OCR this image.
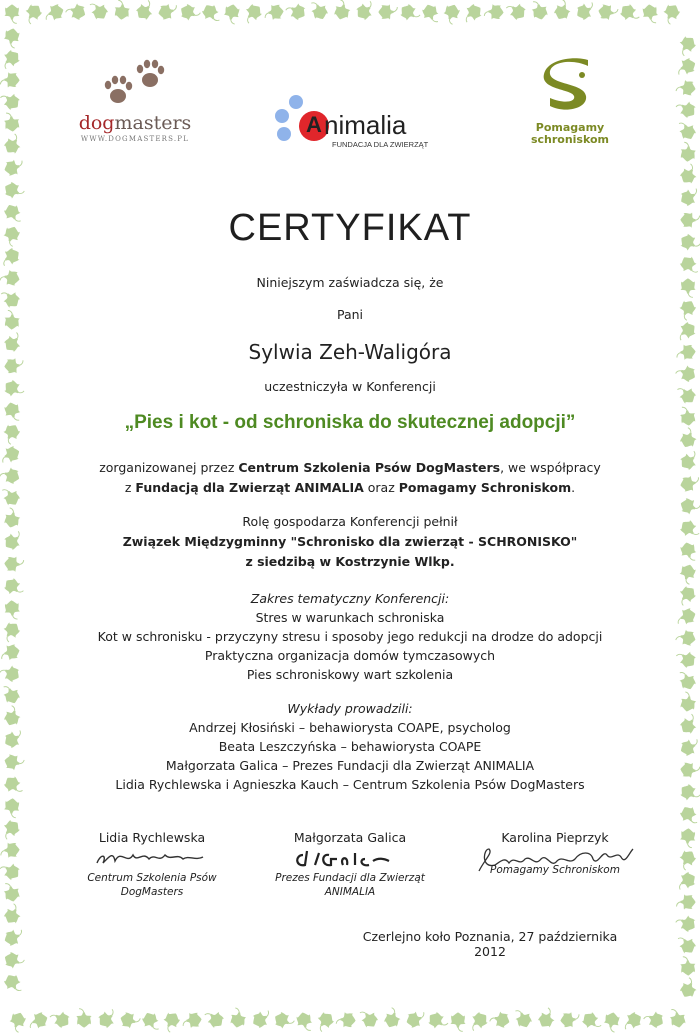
dogmasters
WWW.DOGMASTERS.PL
A nimalia
FUNDACJA DLA ZWIERZĄT
Pomagamy
schroniskom
CERTYFIKAT
Niniejszym zaświadcza się, że
Pani
Sylwia Zeh-Waligóra
uczestniczyła w Konferencji
„Pies i kot - od schroniska do skutecznej adopcji”
zorganizowanej przez Centrum Szkolenia Psów DogMasters, we współpracy
z Fundacją dla Zwierząt ANIMALIA oraz Pomagamy Schroniskom.
Rolę gospodarza Konferencji pełnił
Związek Międzygminny "Schronisko dla zwierząt - SCHRONISKO"
z siedzibą w Kostrzynie Wlkp.
Zakres tematyczny Konferencji:
Stres w warunkach schroniska
Kot w schronisku - przyczyny stresu i sposoby jego redukcji na drodze do adopcji
Praktyczna organizacja domów tymczasowych
Pies schroniskowy wart szkolenia
Wykłady prowadzili:
Andrzej Kłosiński – behawiorysta COAPE, psycholog
Beata Leszczyńska – behawiorysta COAPE
Małgorzata Galica – Prezes Fundacji dla Zwierząt ANIMALIA
Lidia Rychlewska i Agnieszka Kauch – Centrum Szkolenia Psów DogMasters
Lidia Rychlewska
Centrum Szkolenia Psów
DogMasters
Małgorzata Galica
Prezes Fundacji dla Zwierząt
ANIMALIA
Karolina Pieprzyk
Pomagamy Schroniskom
Czerlejno koło Poznania, 27 października 2012
